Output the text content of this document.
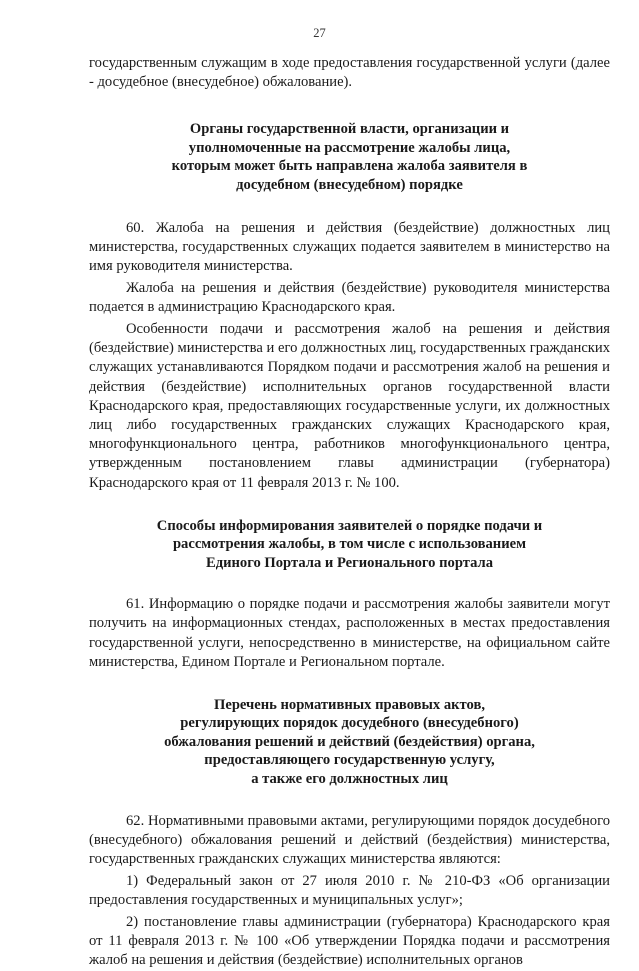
27

государственным служащим в ходе предоставления государственной услуги (далее - досудебное (внесудебное) обжалование).

Органы государственной власти, организации и
уполномоченные на рассмотрение жалобы лица,
которым может быть направлена жалоба заявителя в
досудебном (внесудебном) порядке

60. Жалоба на решения и действия (бездействие) должностных лиц министерства, государственных служащих подается заявителем в министерство на имя руководителя министерства.

Жалоба на решения и действия (бездействие) руководителя министерства подается в администрацию Краснодарского края.

Особенности подачи и рассмотрения жалоб на решения и действия (бездействие) министерства и его должностных лиц, государственных гражданских служащих устанавливаются Порядком подачи и рассмотрения жалоб на решения и действия (бездействие) исполнительных органов государственной власти Краснодарского края, предоставляющих государственные услуги, их должностных лиц либо государственных гражданских служащих Краснодарского края, многофункционального центра, работников многофункционального центра, утвержденным постановлением главы администрации (губернатора) Краснодарского края от 11 февраля 2013 г. № 100.

Способы информирования заявителей о порядке подачи и
рассмотрения жалобы, в том числе с использованием
Единого Портала и Регионального портала

61. Информацию о порядке подачи и рассмотрения жалобы заявители могут получить на информационных стендах, расположенных в местах предоставления государственной услуги, непосредственно в министерстве, на официальном сайте министерства, Едином Портале и Региональном портале.

Перечень нормативных правовых актов,
регулирующих порядок досудебного (внесудебного)
обжалования решений и действий (бездействия) органа,
предоставляющего государственную услугу,
а также его должностных лиц

62. Нормативными правовыми актами, регулирующими порядок досудебного (внесудебного) обжалования решений и действий (бездействия) министерства, государственных гражданских служащих министерства являются:

1) Федеральный закон от 27 июля 2010 г. № 210-ФЗ «Об организации предоставления государственных и муниципальных услуг»;

2) постановление главы администрации (губернатора) Краснодарского края от 11 февраля 2013 г. № 100 «Об утверждении Порядка подачи и рассмотрения жалоб на решения и действия (бездействие) исполнительных органов
